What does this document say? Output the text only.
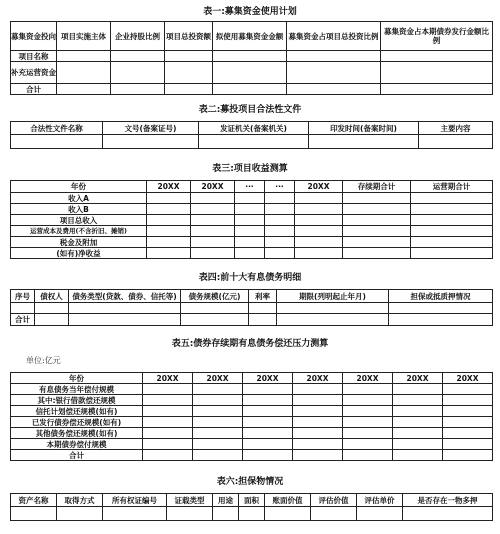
表一:募集资金使用计划
募集资金投向	项目实施主体	企业持股比例	项目总投资额	拟使用募集资金金额	募集资金占项目总投资比例	募集资金占本期债券发行金额比例
项目名称						
补充运营资金						
合计						
表二:募投项目合法性文件
合法性文件名称	文号(备案证号)	发证机关(备案机关)	印发时间(备案时间)	主要内容

表三:项目收益测算
年份	20XX	20XX	···	···	20XX	存续期合计	运营期合计
收入A							
收入B							
项目总收入							
运营成本及费用(不含折旧、摊销)							
税金及附加							
(如有)净收益							
表四:前十大有息债务明细
序号	债权人	债务类型(贷款、债券、信托等)	债务规模(亿元)	利率	期限(列明起止年月)	担保或抵质押情况

合计						
表五:债券存续期有息债务偿还压力测算
单位:亿元
年份	20XX	20XX	20XX	20XX	20XX	20XX	20XX
有息债务当年偿付规模							
其中:银行借款偿还规模							
信托计划偿还规模(如有)							
已发行债券偿还规模(如有)							
其他债务偿还规模(如有)							
本期债券偿付规模							
合计							
表六:担保物情况
资产名称	取得方式	所有权证编号	证载类型	用途	面积	账面价值	评估价值	评估单价	是否存在一物多押
